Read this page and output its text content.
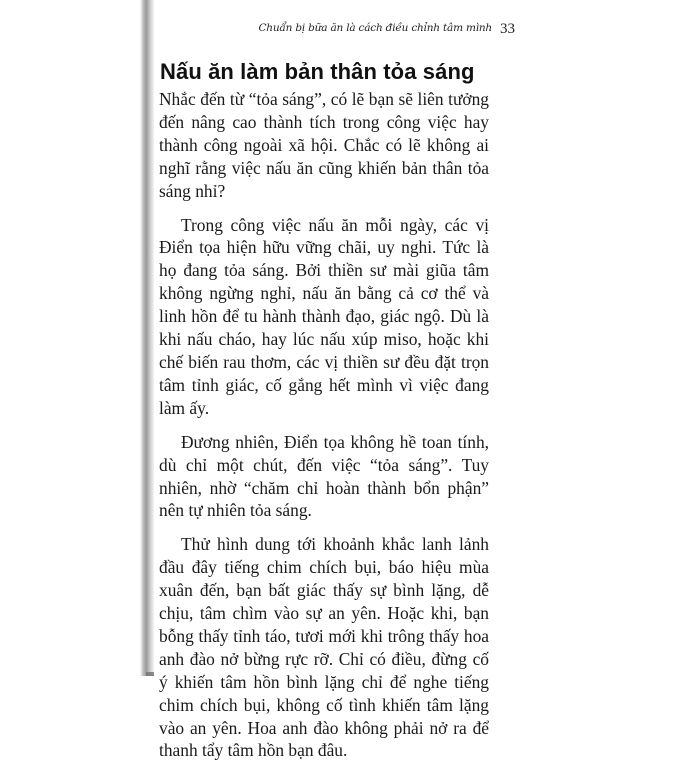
Chuẩn bị bữa ăn là cách điều chỉnh tâm mình 33
Nấu ăn làm bản thân tỏa sáng

Nhắc đến từ “tỏa sáng”, có lẽ bạn sẽ liên tưởng đến nâng cao thành tích trong công việc hay thành công ngoài xã hội. Chắc có lẽ không ai nghĩ rằng việc nấu ăn cũng khiến bản thân tỏa sáng nhỉ?

Trong công việc nấu ăn mỗi ngày, các vị Điển tọa hiện hữu vững chãi, uy nghi. Tức là họ đang tỏa sáng. Bởi thiền sư mài giũa tâm không ngừng nghỉ, nấu ăn bằng cả cơ thể và linh hồn để tu hành thành đạo, giác ngộ. Dù là khi nấu cháo, hay lúc nấu xúp miso, hoặc khi chế biến rau thơm, các vị thiền sư đều đặt trọn tâm tỉnh giác, cố gắng hết mình vì việc đang làm ấy.

Đương nhiên, Điển tọa không hề toan tính, dù chỉ một chút, đến việc “tỏa sáng”. Tuy nhiên, nhờ “chăm chỉ hoàn thành bổn phận” nên tự nhiên tỏa sáng.

Thử hình dung tới khoảnh khắc lanh lảnh đầu đây tiếng chim chích bụi, báo hiệu mùa xuân đến, bạn bất giác thấy sự bình lặng, dễ chịu, tâm chìm vào sự an yên. Hoặc khi, bạn bỗng thấy tỉnh táo, tươi mới khi trông thấy hoa anh đào nở bừng rực rỡ. Chỉ có điều, đừng cố ý khiến tâm hồn bình lặng chỉ để nghe tiếng chim chích bụi, không cố tình khiến tâm lặng vào an yên. Hoa anh đào không phải nở ra để thanh tẩy tâm hồn bạn đâu.
